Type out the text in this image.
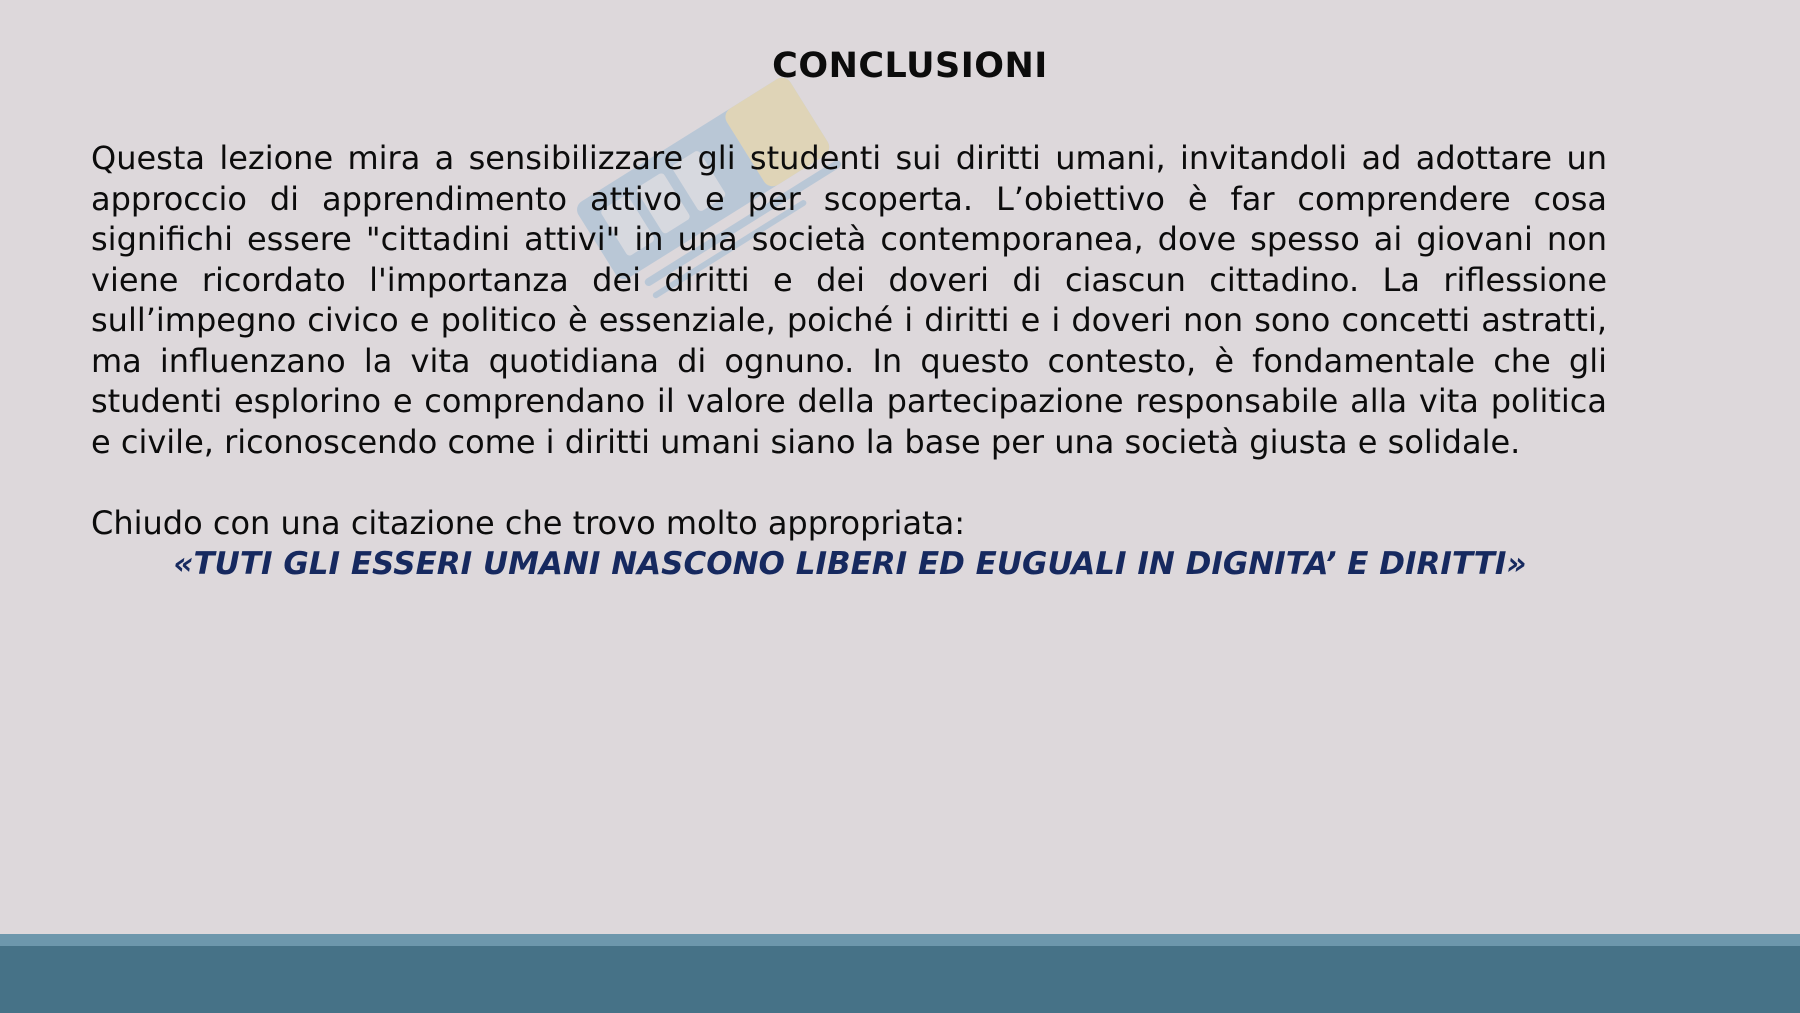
CONCLUSIONI

Questa lezione mira a sensibilizzare gli studenti sui diritti umani, invitandoli ad adottare un approccio di apprendimento attivo e per scoperta. L’obiettivo è far comprendere cosa significhi essere "cittadini attivi" in una società contemporanea, dove spesso ai giovani non viene ricordato l'importanza dei diritti e dei doveri di ciascun cittadino. La riflessione sull’impegno civico e politico è essenziale, poiché i diritti e i doveri non sono concetti astratti, ma influenzano la vita quotidiana di ognuno. In questo contesto, è fondamentale che gli studenti esplorino e comprendano il valore della partecipazione responsabile alla vita politica e civile, riconoscendo come i diritti umani siano la base per una società giusta e solidale.

Chiudo con una citazione che trovo molto appropriata:

«TUTI GLI ESSERI UMANI NASCONO LIBERI ED EUGUALI IN DIGNITA’ E DIRITTI»
